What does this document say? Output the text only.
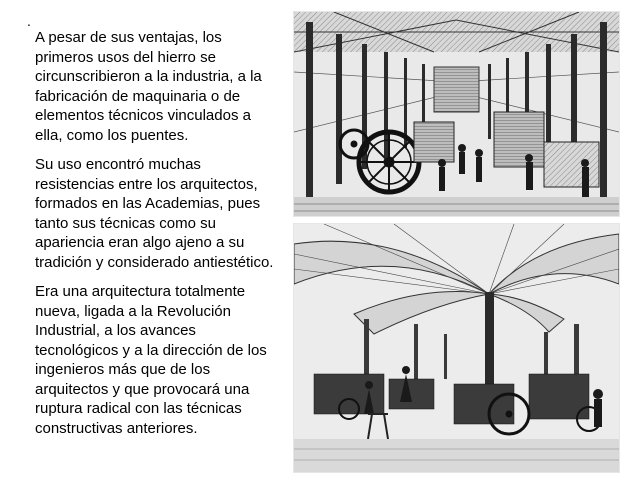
.

A pesar de sus ventajas, los primeros usos del hierro se circunscribieron a la industria, a la fabricación de maquinaria o de elementos técnicos vinculados a ella, como los puentes.

Su uso encontró muchas resistencias entre los arquitectos, formados en las Academias, pues tanto sus técnicas como su apariencia eran algo ajeno a su tradición y considerado antiestético.

Era una arquitectura totalmente nueva, ligada a la Revolución Industrial, a los avances tecnológicos y a la dirección de los ingenieros más que de los arquitectos y que provocará una ruptura radical con las técnicas constructivas anteriores.
